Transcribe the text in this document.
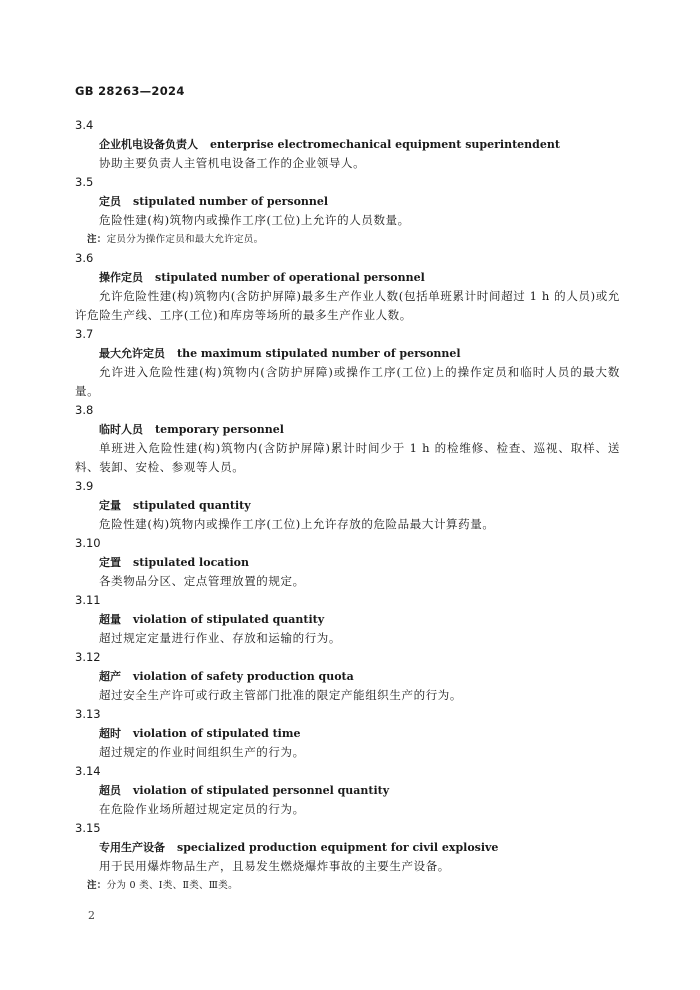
GB 28263—2024
3.4
企业机电设备负责人 enterprise electromechanical equipment superintendent
协助主要负责人主管机电设备工作的企业领导人。
3.5
定员 stipulated number of personnel
危险性建(构)筑物内或操作工序(工位)上允许的人员数量。
注：定员分为操作定员和最大允许定员。
3.6
操作定员 stipulated number of operational personnel
允许危险性建(构)筑物内(含防护屏障)最多生产作业人数(包括单班累计时间超过 1 h 的人员)或允许危险生产线、工序(工位)和库房等场所的最多生产作业人数。
3.7
最大允许定员 the maximum stipulated number of personnel
允许进入危险性建(构)筑物内(含防护屏障)或操作工序(工位)上的操作定员和临时人员的最大数量。
3.8
临时人员 temporary personnel
单班进入危险性建(构)筑物内(含防护屏障)累计时间少于 1 h 的检维修、检查、巡视、取样、送料、装卸、安检、参观等人员。
3.9
定量 stipulated quantity
危险性建(构)筑物内或操作工序(工位)上允许存放的危险品最大计算药量。
3.10
定置 stipulated location
各类物品分区、定点管理放置的规定。
3.11
超量 violation of stipulated quantity
超过规定定量进行作业、存放和运输的行为。
3.12
超产 violation of safety production quota
超过安全生产许可或行政主管部门批准的限定产能组织生产的行为。
3.13
超时 violation of stipulated time
超过规定的作业时间组织生产的行为。
3.14
超员 violation of stipulated personnel quantity
在危险作业场所超过规定定员的行为。
3.15
专用生产设备 specialized production equipment for civil explosive
用于民用爆炸物品生产，且易发生燃烧爆炸事故的主要生产设备。
注：分为 0 类、Ⅰ类、Ⅱ类、Ⅲ类。
2
